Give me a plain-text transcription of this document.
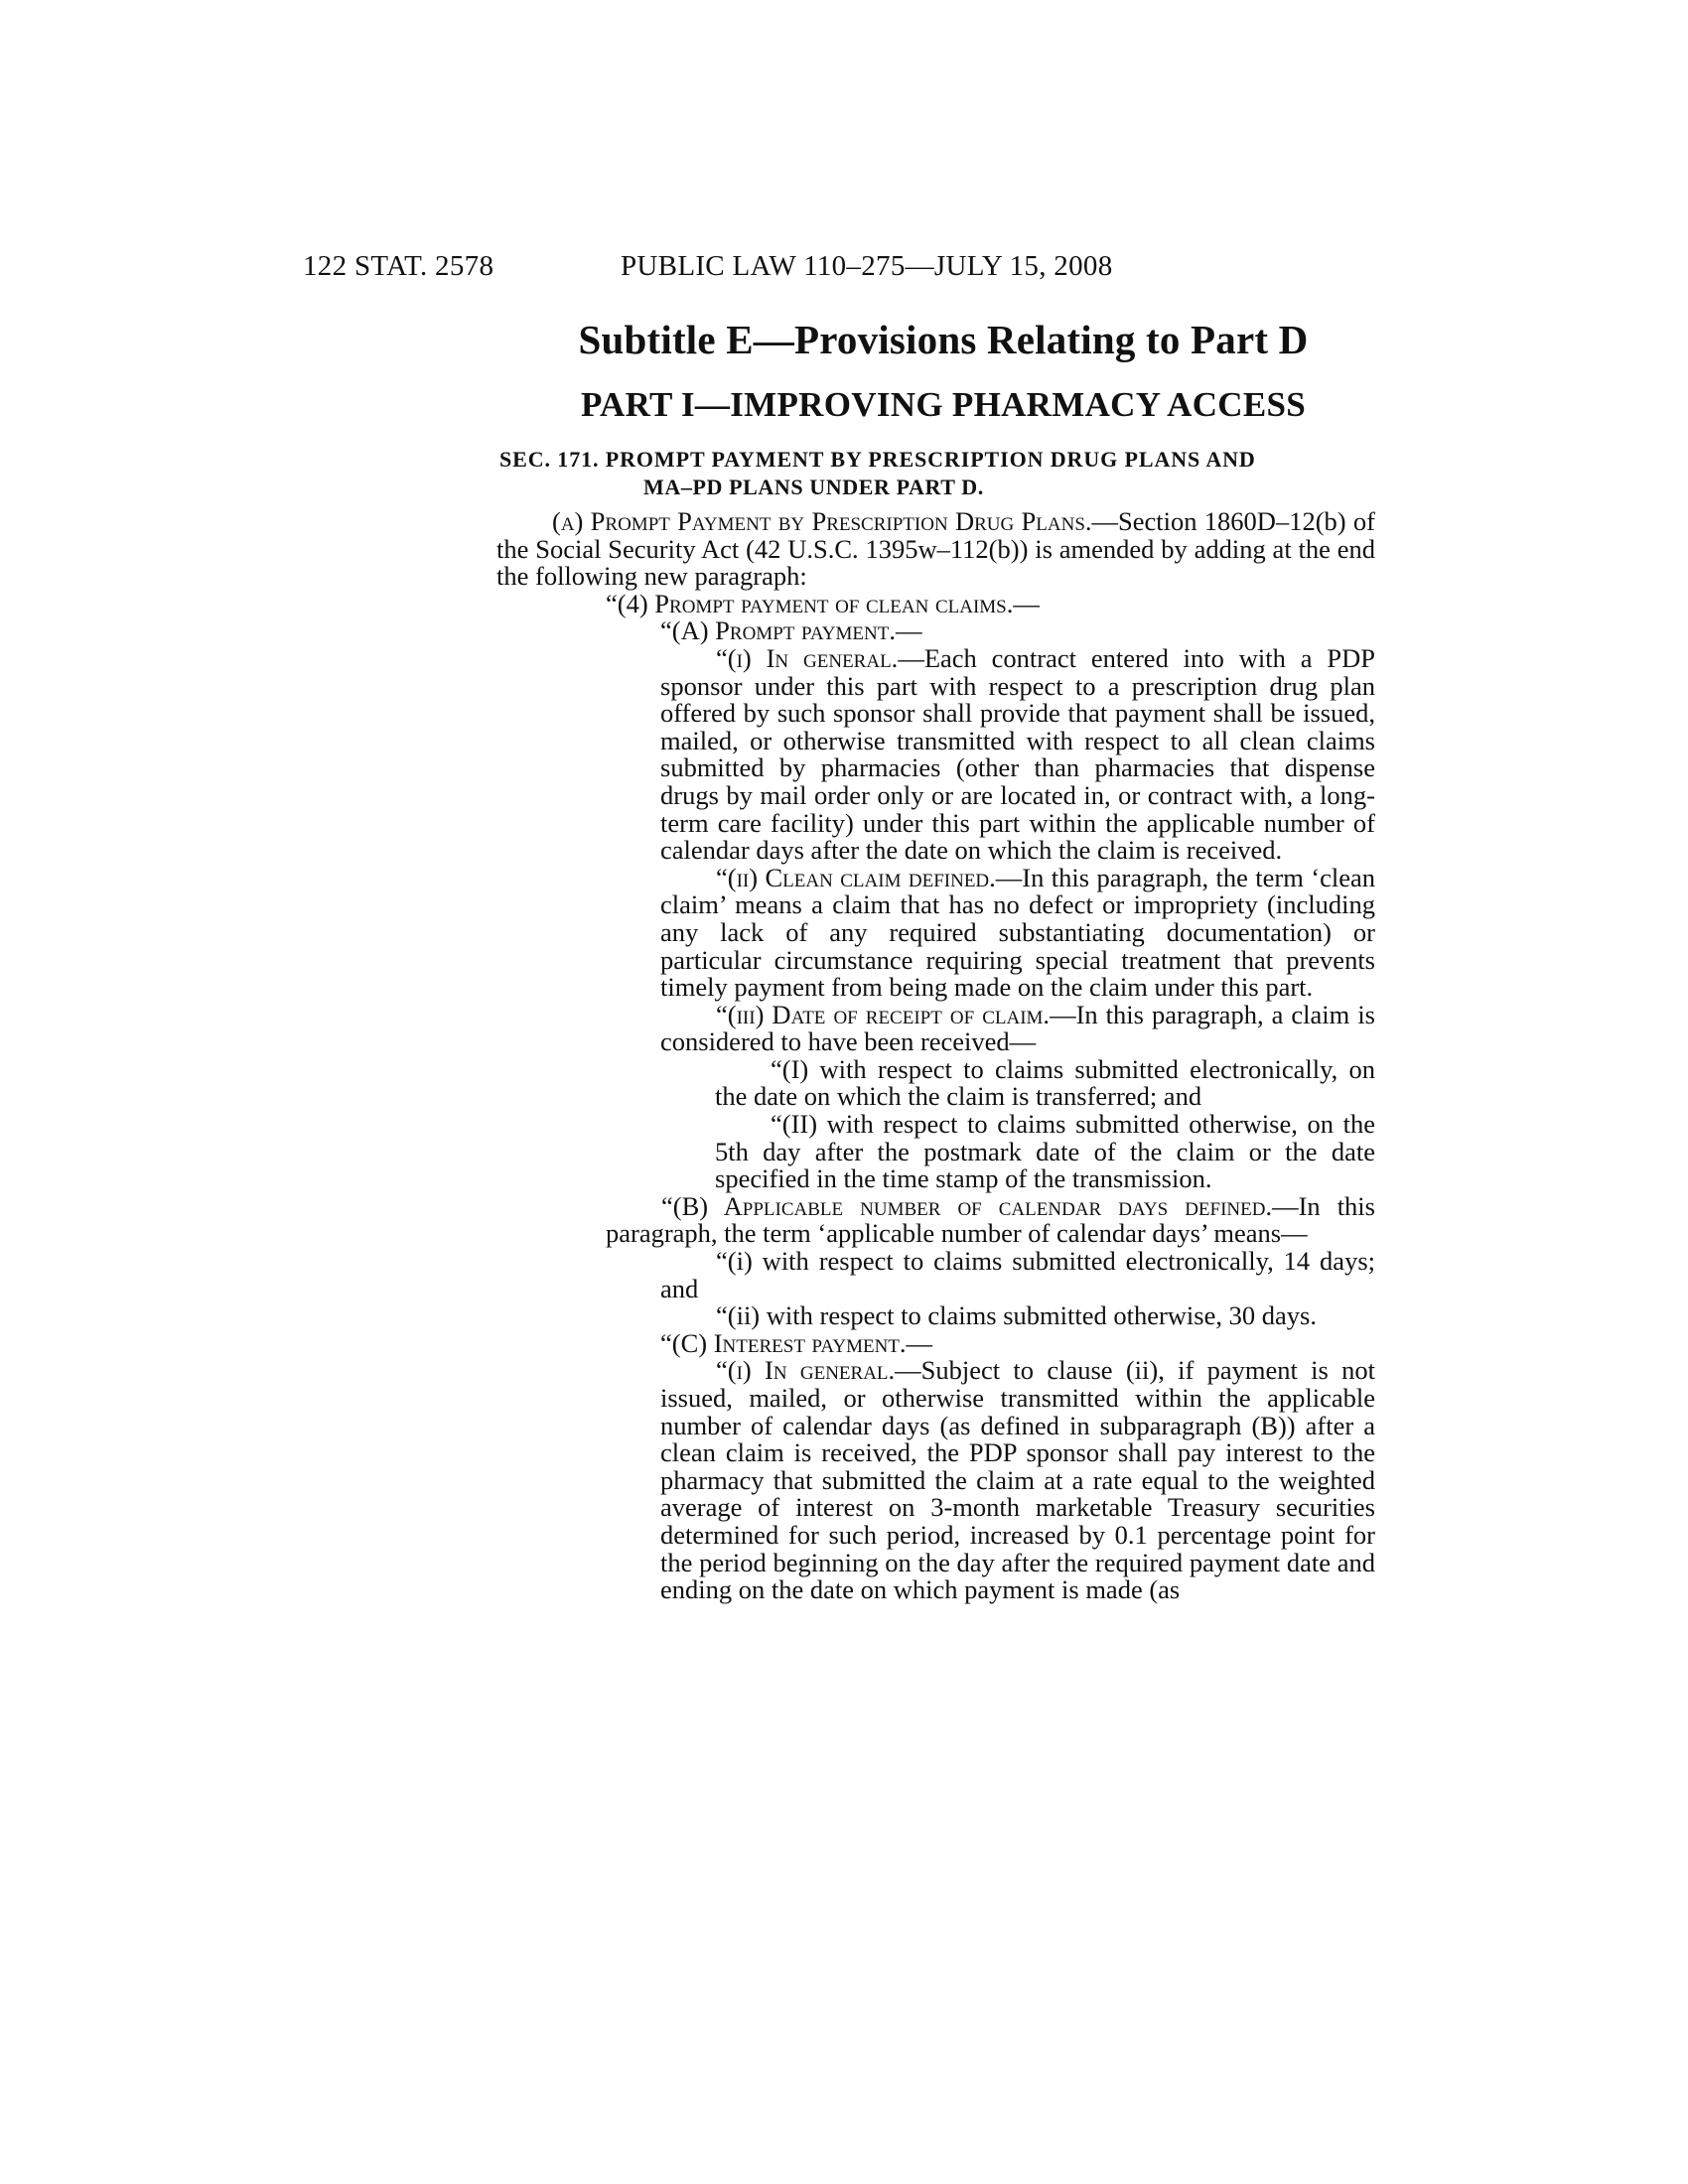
122 STAT. 2578	PUBLIC LAW 110–275—JULY 15, 2008
Subtitle E—Provisions Relating to Part D
PART I—IMPROVING PHARMACY ACCESS
SEC. 171. PROMPT PAYMENT BY PRESCRIPTION DRUG PLANS AND
MA–PD PLANS UNDER PART D.

(a) Prompt Payment by Prescription Drug Plans.—Section 1860D–12(b) of the Social Security Act (42 U.S.C. 1395w–112(b)) is amended by adding at the end the following new paragraph:

“(4) Prompt payment of clean claims.—

“(A) Prompt payment.—

“(i) In general.—Each contract entered into with a PDP sponsor under this part with respect to a prescription drug plan offered by such sponsor shall provide that payment shall be issued, mailed, or otherwise transmitted with respect to all clean claims submitted by pharmacies (other than pharmacies that dispense drugs by mail order only or are located in, or contract with, a long-term care facility) under this part within the applicable number of calendar days after the date on which the claim is received.

“(ii) Clean claim defined.—In this paragraph, the term ‘clean claim’ means a claim that has no defect or impropriety (including any lack of any required substantiating documentation) or particular circumstance requiring special treatment that prevents timely payment from being made on the claim under this part.

“(iii) Date of receipt of claim.—In this paragraph, a claim is considered to have been received—

“(I) with respect to claims submitted electronically, on the date on which the claim is transferred; and

“(II) with respect to claims submitted otherwise, on the 5th day after the postmark date of the claim or the date specified in the time stamp of the transmission.

“(B) Applicable number of calendar days defined.—In this paragraph, the term ‘applicable number of calendar days’ means—

“(i) with respect to claims submitted electronically, 14 days; and

“(ii) with respect to claims submitted otherwise, 30 days.

“(C) Interest payment.—

“(i) In general.—Subject to clause (ii), if payment is not issued, mailed, or otherwise transmitted within the applicable number of calendar days (as defined in subparagraph (B)) after a clean claim is received, the PDP sponsor shall pay interest to the pharmacy that submitted the claim at a rate equal to the weighted average of interest on 3-month marketable Treasury securities determined for such period, increased by 0.1 percentage point for the period beginning on the day after the required payment date and ending on the date on which payment is made (as
